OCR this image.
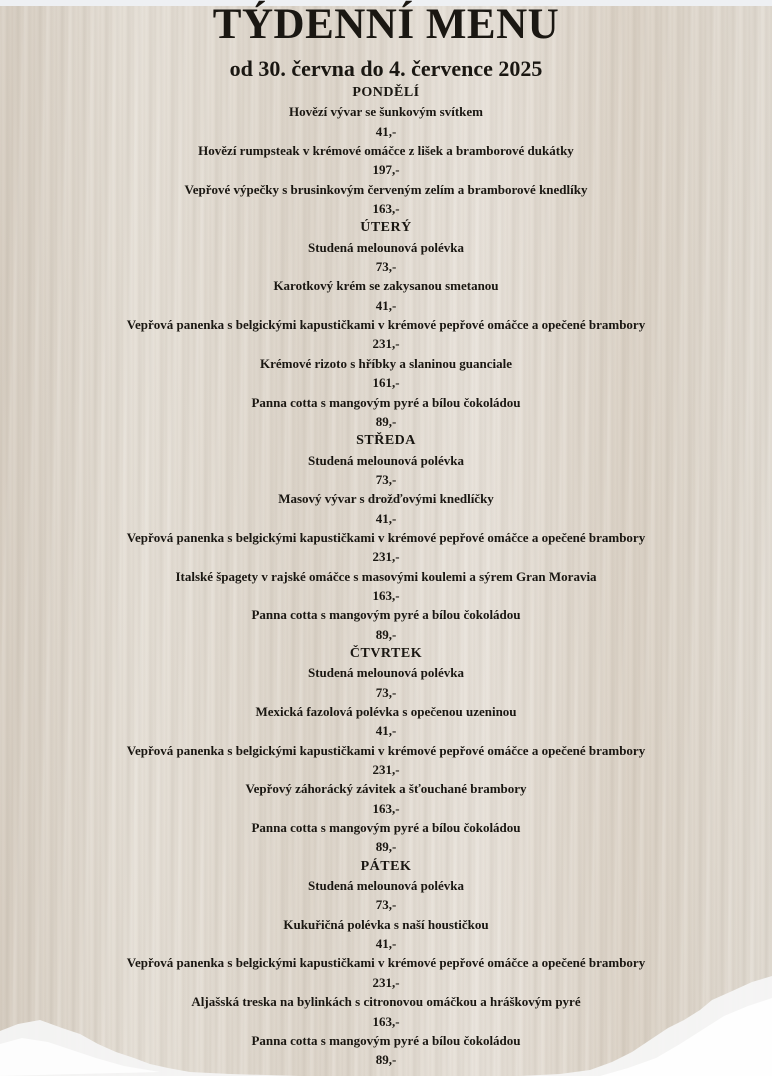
TÝDENNÍ MENU
od 30. června do 4. července 2025
PONDĚLÍ
Hovězí vývar se šunkovým svítkem
41,-
Hovězí rumpsteak v krémové omáčce z lišek a bramborové dukátky
197,-
Vepřové výpečky s brusinkovým červeným zelím a bramborové knedlíky
163,-
ÚTERÝ
Studená melounová polévka
73,-
Karotkový krém se zakysanou smetanou
41,-
Vepřová panenka s belgickými kapustičkami v krémové pepřové omáčce a opečené brambory
231,-
Krémové rizoto s hříbky a slaninou guanciale
161,-
Panna cotta s mangovým pyré a bílou čokoládou
89,-
STŘEDA
Studená melounová polévka
73,-
Masový vývar s drožďovými knedlíčky
41,-
Vepřová panenka s belgickými kapustičkami v krémové pepřové omáčce a opečené brambory
231,-
Italské špagety v rajské omáčce s masovými koulemi a sýrem Gran Moravia
163,-
Panna cotta s mangovým pyré a bílou čokoládou
89,-
ČTVRTEK
Studená melounová polévka
73,-
Mexická fazolová polévka s opečenou uzeninou
41,-
Vepřová panenka s belgickými kapustičkami v krémové pepřové omáčce a opečené brambory
231,-
Vepřový záhorácký závitek a šťouchané brambory
163,-
Panna cotta s mangovým pyré a bílou čokoládou
89,-
PÁTEK
Studená melounová polévka
73,-
Kukuřičná polévka s naší houstičkou
41,-
Vepřová panenka s belgickými kapustičkami v krémové pepřové omáčce a opečené brambory
231,-
Aljašská treska na bylinkách s citronovou omáčkou a hráškovým pyré
163,-
Panna cotta s mangovým pyré a bílou čokoládou
89,-
